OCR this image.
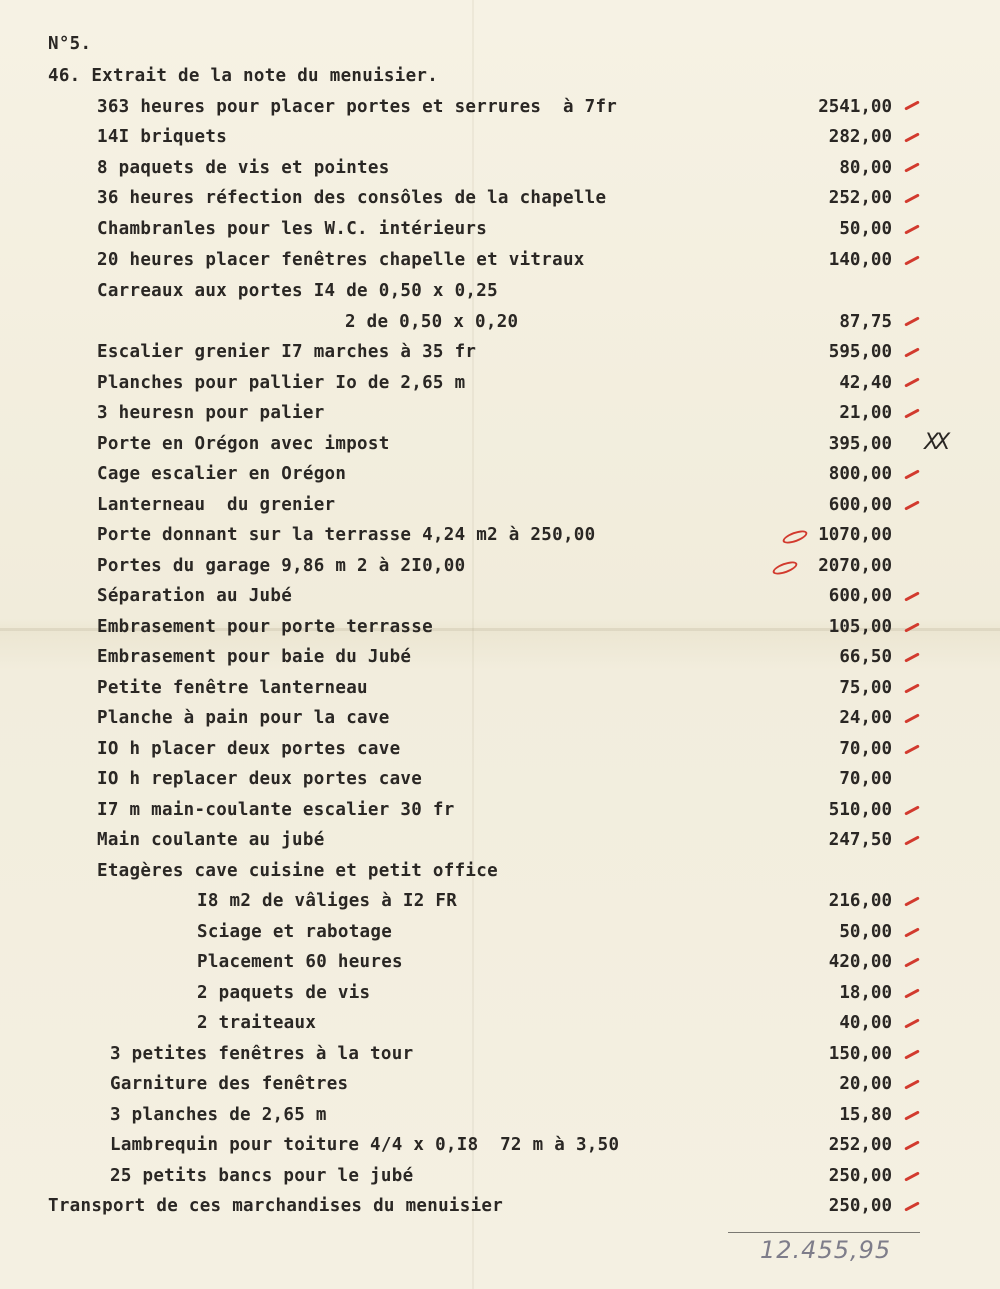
N°5.
46. Extrait de la note du menuisier.
363 heures pour placer portes et serrures  à 7fr	2541,00
14I briquets	282,00
8 paquets de vis et pointes	80,00
36 heures réfection des consôles de la chapelle	252,00
Chambranles pour les W.C. intérieurs	50,00
20 heures placer fenêtres chapelle et vitraux	140,00
Carreaux aux portes I4 de 0,50 x 0,25
2 de 0,50 x 0,20	87,75
Escalier grenier I7 marches à 35 fr	595,00
Planches pour pallier Io de 2,65 m	42,40
3 heuresn pour palier	21,00
Porte en Orégon avec impost	395,00
Cage escalier en Orégon	800,00
Lanterneau  du grenier	600,00
Porte donnant sur la terrasse 4,24 m2 à 250,00	1070,00
Portes du garage 9,86 m 2 à 2I0,00	2070,00
Séparation au Jubé	600,00
Embrasement pour porte terrasse	105,00
Embrasement pour baie du Jubé	66,50
Petite fenêtre lanterneau	75,00
Planche à pain pour la cave	24,00
IO h placer deux portes cave	70,00
IO h replacer deux portes cave	70,00
I7 m main-coulante escalier 30 fr	510,00
Main coulante au jubé	247,50
Etagères cave cuisine et petit office
I8 m2 de vâliges à I2 FR	216,00
Sciage et rabotage	50,00
Placement 60 heures	420,00
2 paquets de vis	18,00
2 traiteaux	40,00
3 petites fenêtres à la tour	150,00
Garniture des fenêtres	20,00
3 planches de 2,65 m	15,80
Lambrequin pour toiture 4/4 x 0,I8  72 m à 3,50	252,00
25 petits bancs pour le jubé	250,00
Transport de ces marchandises du menuisier	250,00
XX
12.455,95
